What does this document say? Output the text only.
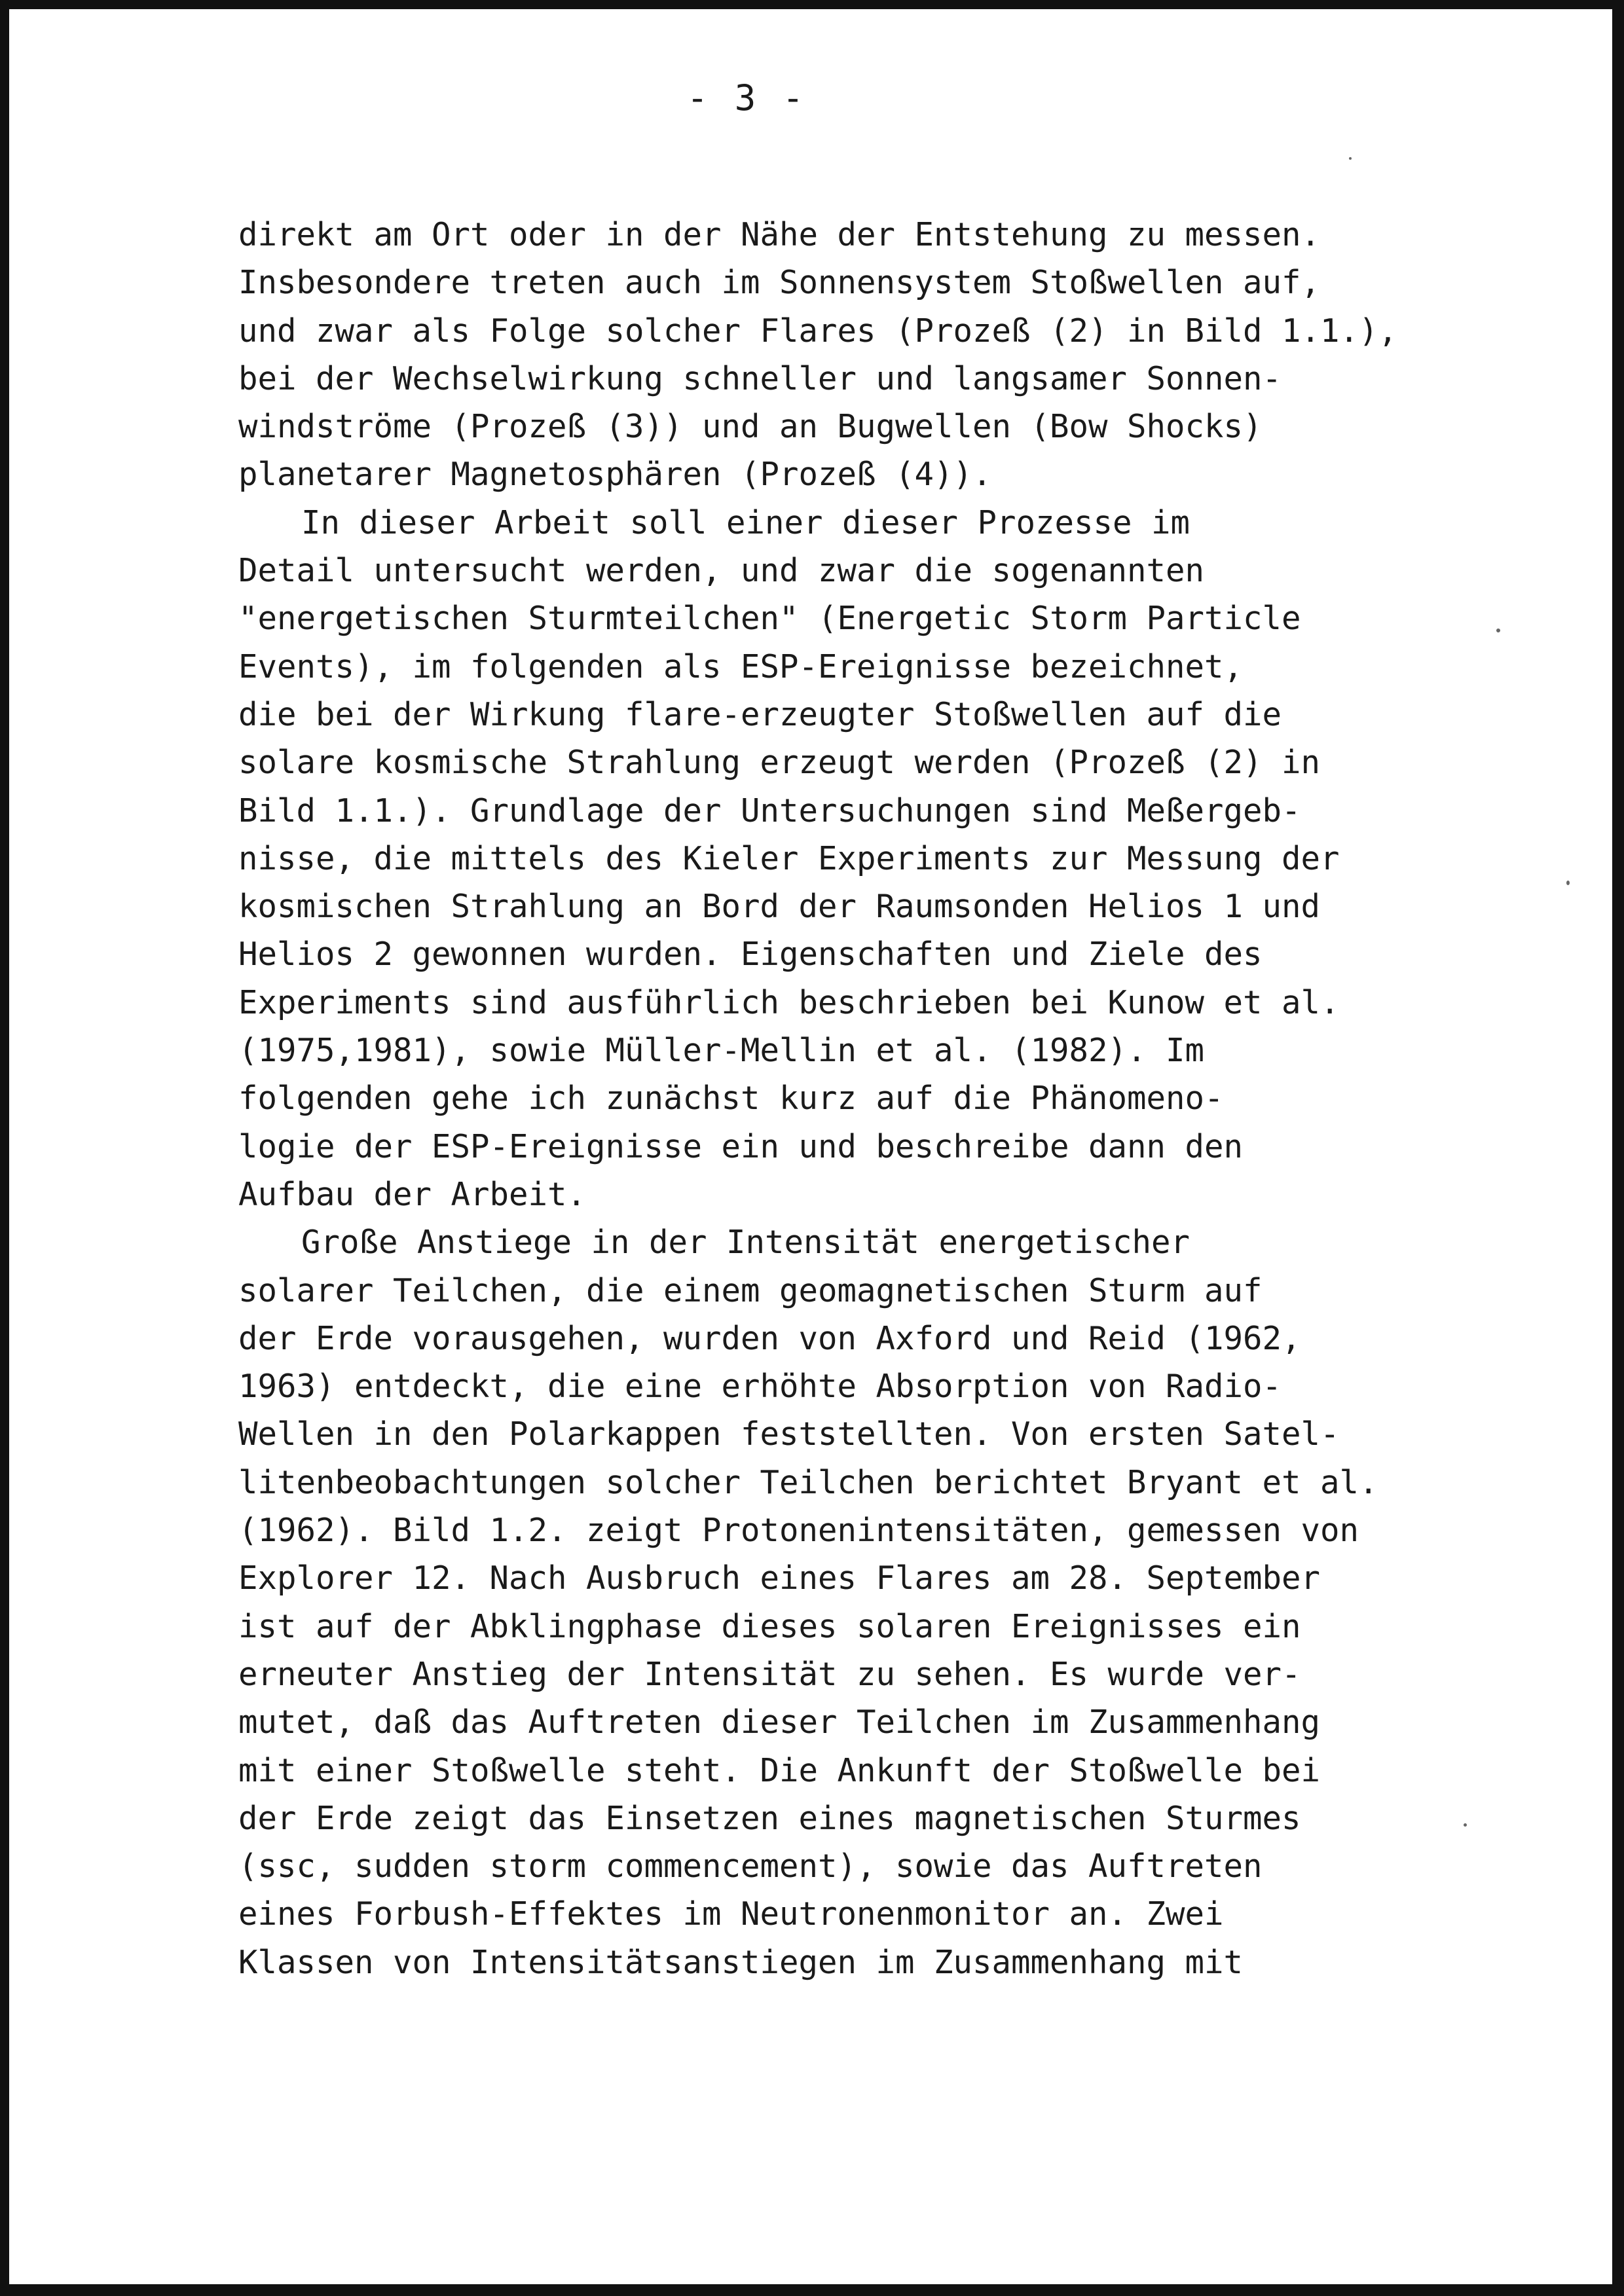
- 3 -
direkt am Ort oder in der Nähe der Entstehung zu messen.
Insbesondere treten auch im Sonnensystem Stoßwellen auf,
und zwar als Folge solcher Flares (Prozeß (2) in Bild 1.1.),
bei der Wechselwirkung schneller und langsamer Sonnen-
windströme (Prozeß (3)) und an Bugwellen (Bow Shocks)
planetarer Magnetosphären (Prozeß (4)).
In dieser Arbeit soll einer dieser Prozesse im
Detail untersucht werden, und zwar die sogenannten
"energetischen Sturmteilchen" (Energetic Storm Particle
Events), im folgenden als ESP-Ereignisse bezeichnet,
die bei der Wirkung flare-erzeugter Stoßwellen auf die
solare kosmische Strahlung erzeugt werden (Prozeß (2) in
Bild 1.1.). Grundlage der Untersuchungen sind Meßergeb-
nisse, die mittels des Kieler Experiments zur Messung der
kosmischen Strahlung an Bord der Raumsonden Helios 1 und
Helios 2 gewonnen wurden. Eigenschaften und Ziele des
Experiments sind ausführlich beschrieben bei Kunow et al.
(1975,1981), sowie Müller-Mellin et al. (1982). Im
folgenden gehe ich zunächst kurz auf die Phänomeno-
logie der ESP-Ereignisse ein und beschreibe dann den
Aufbau der Arbeit.
Große Anstiege in der Intensität energetischer
solarer Teilchen, die einem geomagnetischen Sturm auf
der Erde vorausgehen, wurden von Axford und Reid (1962,
1963) entdeckt, die eine erhöhte Absorption von Radio-
Wellen in den Polarkappen feststellten. Von ersten Satel-
litenbeobachtungen solcher Teilchen berichtet Bryant et al.
(1962). Bild 1.2. zeigt Protonenintensitäten, gemessen von
Explorer 12. Nach Ausbruch eines Flares am 28. September
ist auf der Abklingphase dieses solaren Ereignisses ein
erneuter Anstieg der Intensität zu sehen. Es wurde ver-
mutet, daß das Auftreten dieser Teilchen im Zusammenhang
mit einer Stoßwelle steht. Die Ankunft der Stoßwelle bei
der Erde zeigt das Einsetzen eines magnetischen Sturmes
(ssc, sudden storm commencement), sowie das Auftreten
eines Forbush-Effektes im Neutronenmonitor an. Zwei
Klassen von Intensitätsanstiegen im Zusammenhang mit
